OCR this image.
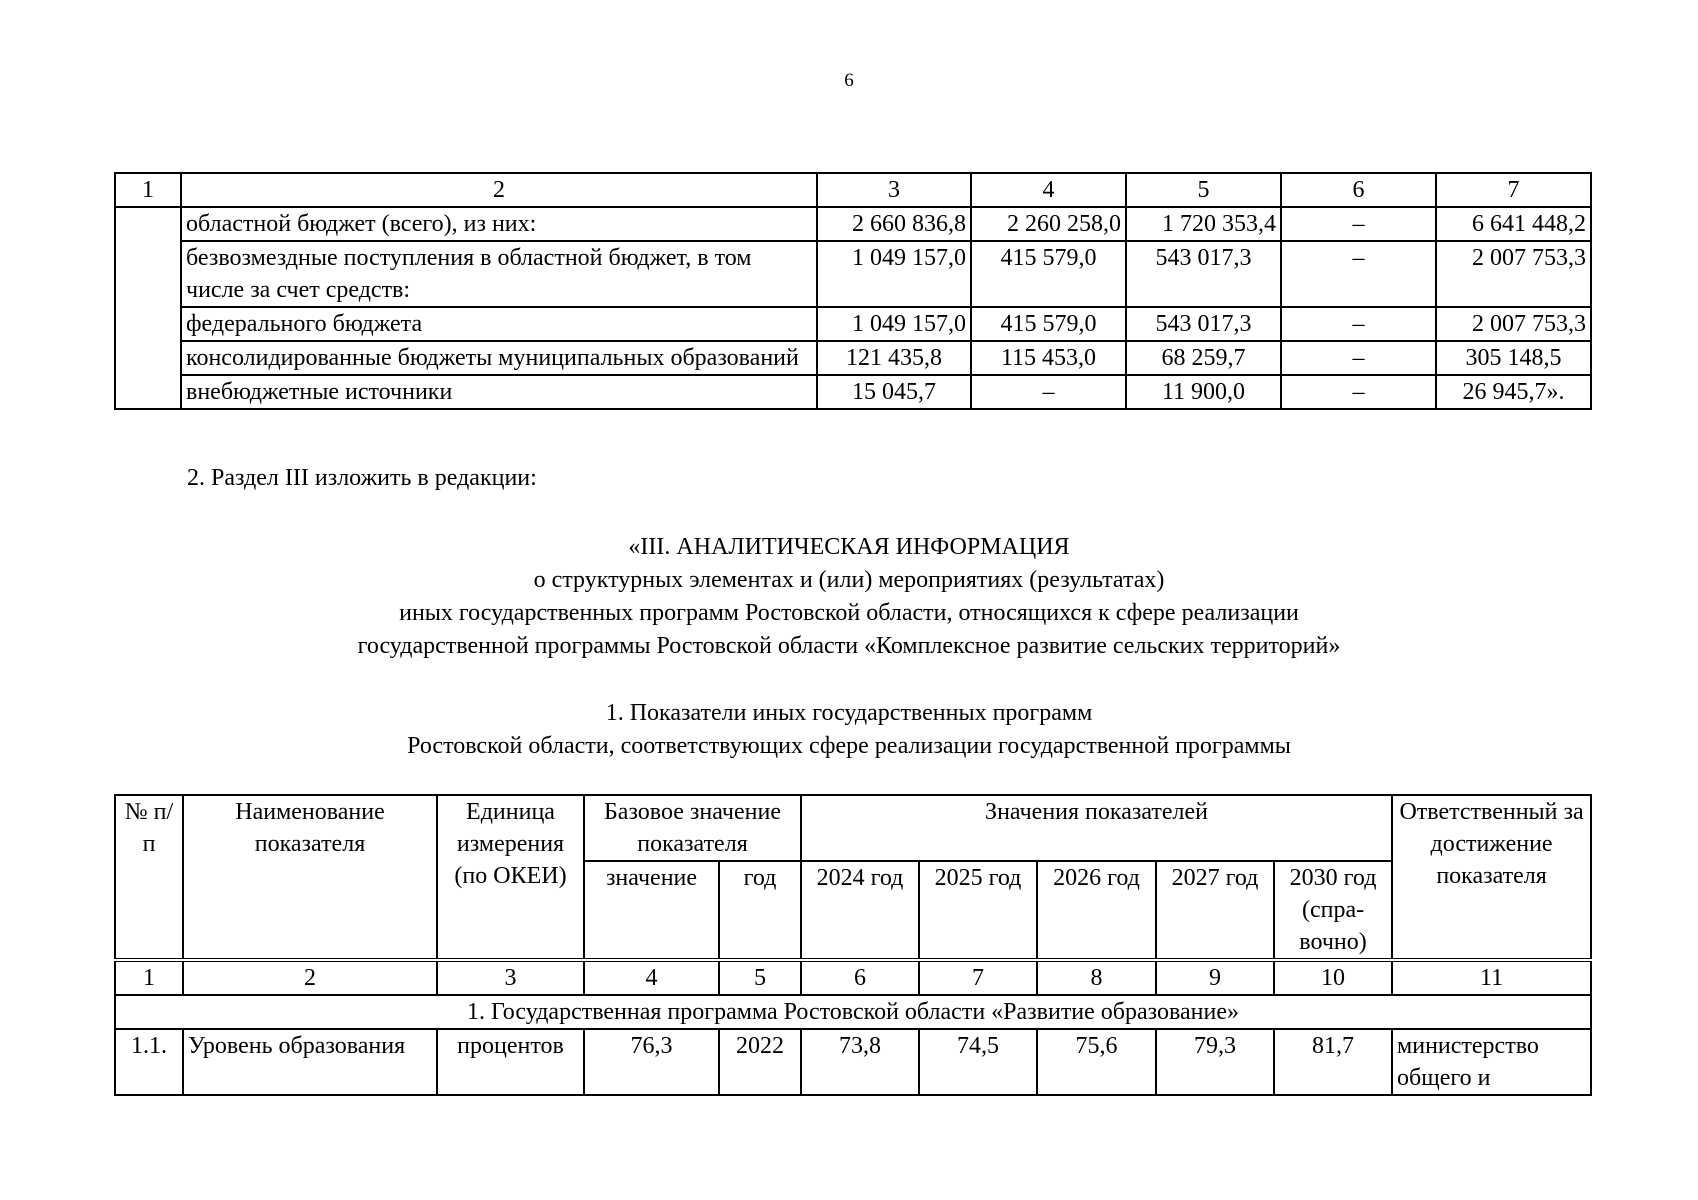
6
1	2	3	4	5	6	7
	областной бюджет (всего), из них:	2 660 836,8	2 260 258,0	1 720 353,4	–	6 641 448,2
	безвозмездные поступления в областной бюджет, в том числе за счет средств:	1 049 157,0	415 579,0	543 017,3	–	2 007 753,3
	федерального бюджета	1 049 157,0	415 579,0	543 017,3	–	2 007 753,3
	консолидированные бюджеты муниципальных образований	121 435,8	115 453,0	68 259,7	–	305 148,5
	внебюджетные источники	15 045,7	–	11 900,0	–	26 945,7».
2. Раздел III изложить в редакции:
«III. АНАЛИТИЧЕСКАЯ ИНФОРМАЦИЯ
о структурных элементах и (или) мероприятиях (результатах)
иных государственных программ Ростовской области, относящихся к сфере реализации
государственной программы Ростовской области «Комплексное развитие сельских территорий»
1. Показатели иных государственных программ
Ростовской области, соответствующих сфере реализации государственной программы
№ п/п	Наименование показателя	Единица измерения (по ОКЕИ)	Базовое значение показателя		Значения показателей					Ответственный за достижение показателя
			значение	год	2024 год	2025 год	2026 год	2027 год	2030 год (спра-вочно)	
1	2	3	4	5	6	7	8	9	10	11
1. Государственная программа Ростовской области «Развитие образование»										
1.1.	Уровень образования	процентов	76,3	2022	73,8	74,5	75,6	79,3	81,7	министерство общего и
